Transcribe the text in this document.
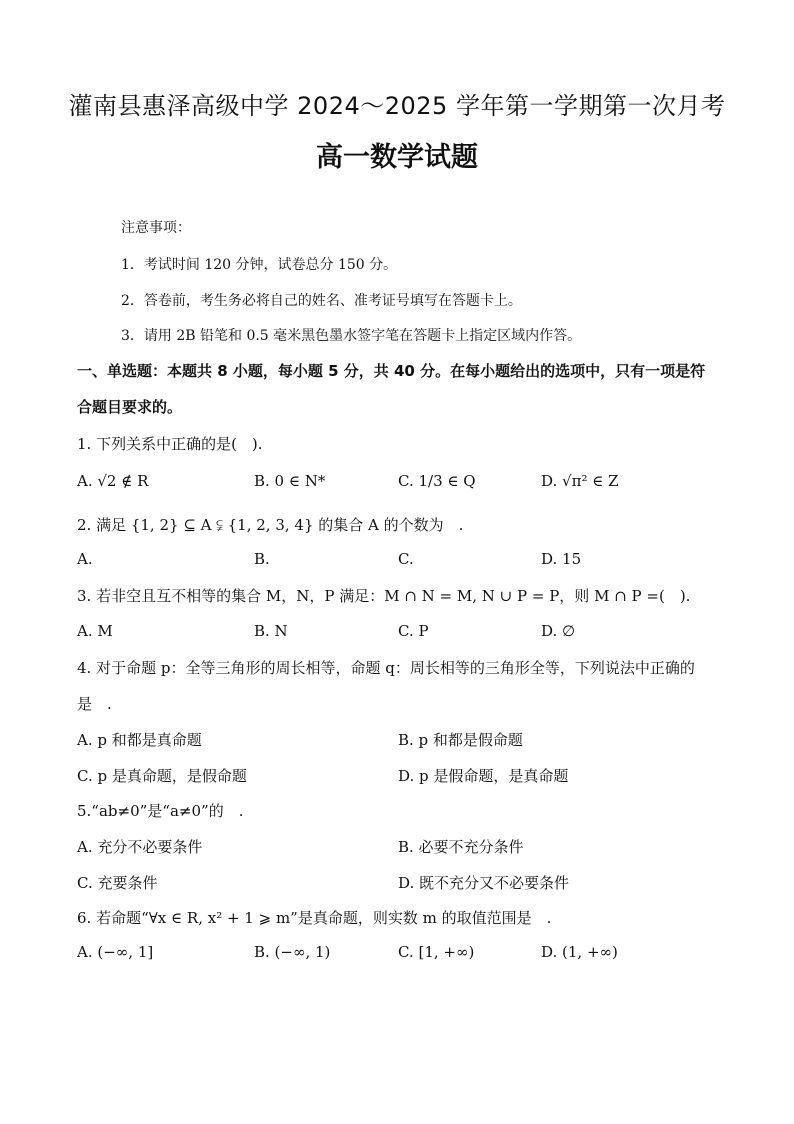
灌南县惠泽高级中学 2024～2025 学年第一学期第一次月考
高一数学试题
注意事项：
1．考试时间 120 分钟，试卷总分 150 分。
2．答卷前，考生务必将自己的姓名、准考证号填写在答题卡上。
3．请用 2B 铅笔和 0.5 毫米黑色墨水签字笔在答题卡上指定区域内作答。
一、单选题：本题共 8 小题，每小题 5 分，共 40 分。在每小题给出的选项中，只有一项是符
合题目要求的。
1. 下列关系中正确的是(　).
A. √2 ∉ R	B. 0 ∈ N*	C. 1/3 ∈ Q	D. √π² ∈ Z
2. 满足 {1, 2} ⊆ A ⫋ {1, 2, 3, 4} 的集合 A 的个数为　.
A.	B.	C.	D. 15
3. 若非空且互不相等的集合 M，N，P 满足：M ∩ N = M, N ∪ P = P，则 M ∩ P =(　).
A. M	B. N	C. P	D. ∅
4. 对于命题 p：全等三角形的周长相等，命题 q：周长相等的三角形全等，下列说法中正确的
是　.
A. p 和都是真命题	B. p 和都是假命题
C. p 是真命题，是假命题	D. p 是假命题，是真命题
5.“ab≠0”是“a≠0”的　.
A. 充分不必要条件	B. 必要不充分条件
C. 充要条件	D. 既不充分又不必要条件
6. 若命题“∀x ∈ R, x² + 1 ⩾ m”是真命题，则实数 m 的取值范围是　.
A. (−∞, 1]	B. (−∞, 1)	C. [1, +∞)	D. (1, +∞)
